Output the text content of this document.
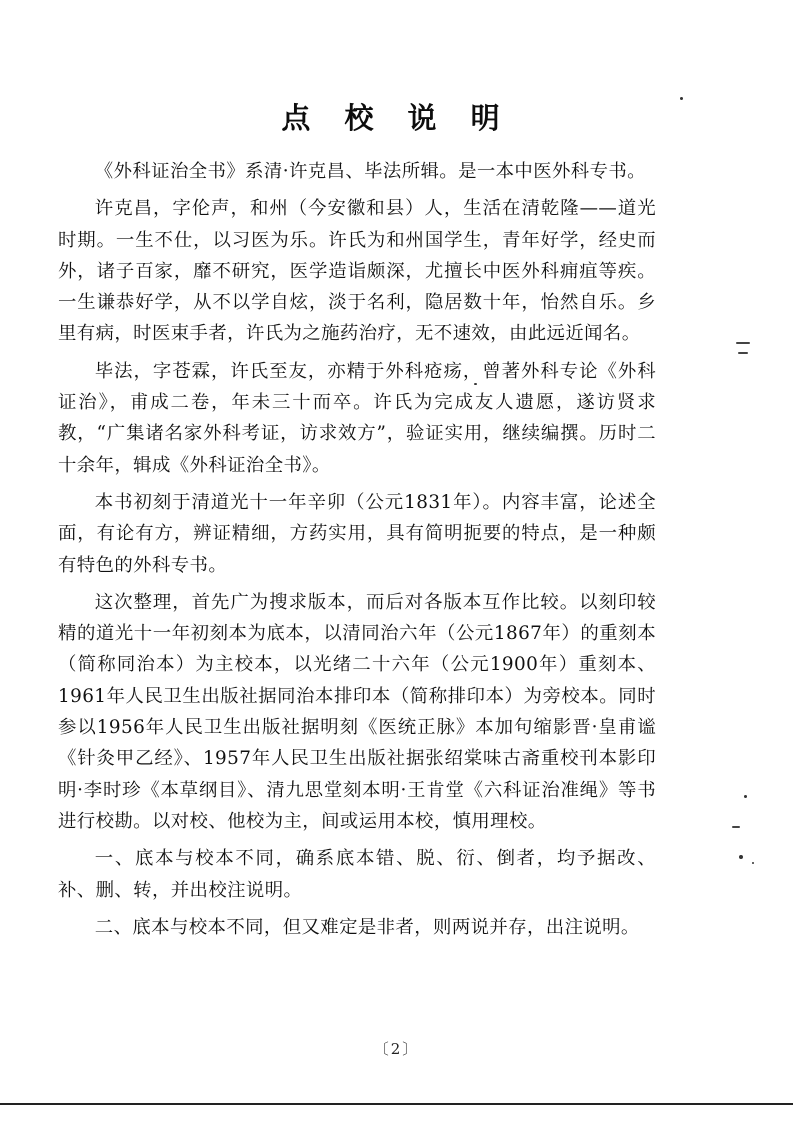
点 校 说 明

《外科证治全书》系清·许克昌、毕法所辑。是一本中医外科专书。

许克昌，字伦声，和州（今安徽和县）人，生活在清乾隆——道光时期。一生不仕，以习医为乐。许氏为和州国学生，青年好学，经史而外，诸子百家，靡不研究，医学造诣颇深，尤擅长中医外科痈疽等疾。一生谦恭好学，从不以学自炫，淡于名利，隐居数十年，怡然自乐。乡里有病，时医束手者，许氏为之施药治疗，无不速效，由此远近闻名。

毕法，字苍霖，许氏至友，亦精于外科疮疡，曾著外科专论《外科证治》，甫成二卷，年未三十而卒。许氏为完成友人遗愿，遂访贤求教，“广集诸名家外科考证，访求效方”，验证实用，继续编撰。历时二十余年，辑成《外科证治全书》。

本书初刻于清道光十一年辛卯（公元1831年）。内容丰富，论述全面，有论有方，辨证精细，方药实用，具有简明扼要的特点，是一种颇有特色的外科专书。

这次整理，首先广为搜求版本，而后对各版本互作比较。以刻印较精的道光十一年初刻本为底本，以清同治六年（公元1867年）的重刻本（简称同治本）为主校本，以光绪二十六年（公元1900年）重刻本、1961年人民卫生出版社据同治本排印本（简称排印本）为旁校本。同时参以1956年人民卫生出版社据明刻《医统正脉》本加句缩影晋·皇甫谧《针灸甲乙经》、1957年人民卫生出版社据张绍棠味古斋重校刊本影印明·李时珍《本草纲目》、清九思堂刻本明·王肯堂《六科证治准绳》等书进行校勘。以对校、他校为主，间或运用本校，慎用理校。

一、底本与校本不同，确系底本错、脱、衍、倒者，均予据改、补、删、转，并出校注说明。

二、底本与校本不同，但又难定是非者，则两说并存，出注说明。

〔2〕
